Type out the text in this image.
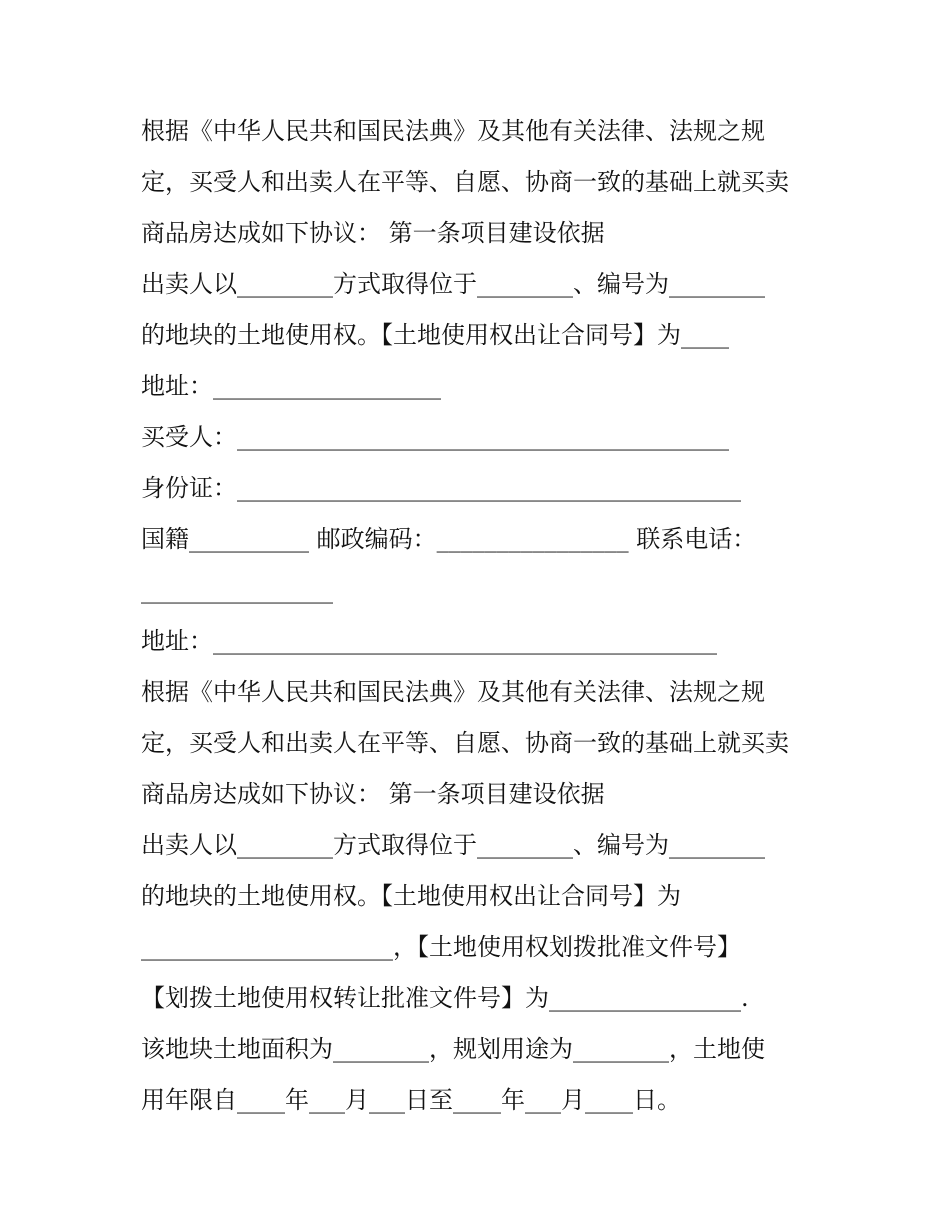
根据《中华人民共和国民法典》及其他有关法律、法规之规
定，买受人和出卖人在平等、自愿、协商一致的基础上就买卖
商品房达成如下协议： 第一条项目建设依据
出卖人以________方式取得位于________、编号为________
的地块的土地使用权。【土地使用权出让合同号】为____
地址：___________________
买受人：_________________________________________
身份证：__________________________________________
国籍__________ 邮政编码：________________ 联系电话：
________________
地址：__________________________________________
根据《中华人民共和国民法典》及其他有关法律、法规之规
定，买受人和出卖人在平等、自愿、协商一致的基础上就买卖
商品房达成如下协议： 第一条项目建设依据
出卖人以________方式取得位于________、编号为________
的地块的土地使用权。【土地使用权出让合同号】为
_____________________，【土地使用权划拨批准文件号】
【划拨土地使用权转让批准文件号】为________________.
该地块土地面积为________，规划用途为________，土地使
用年限自____年___月___日至____年___月____日。
